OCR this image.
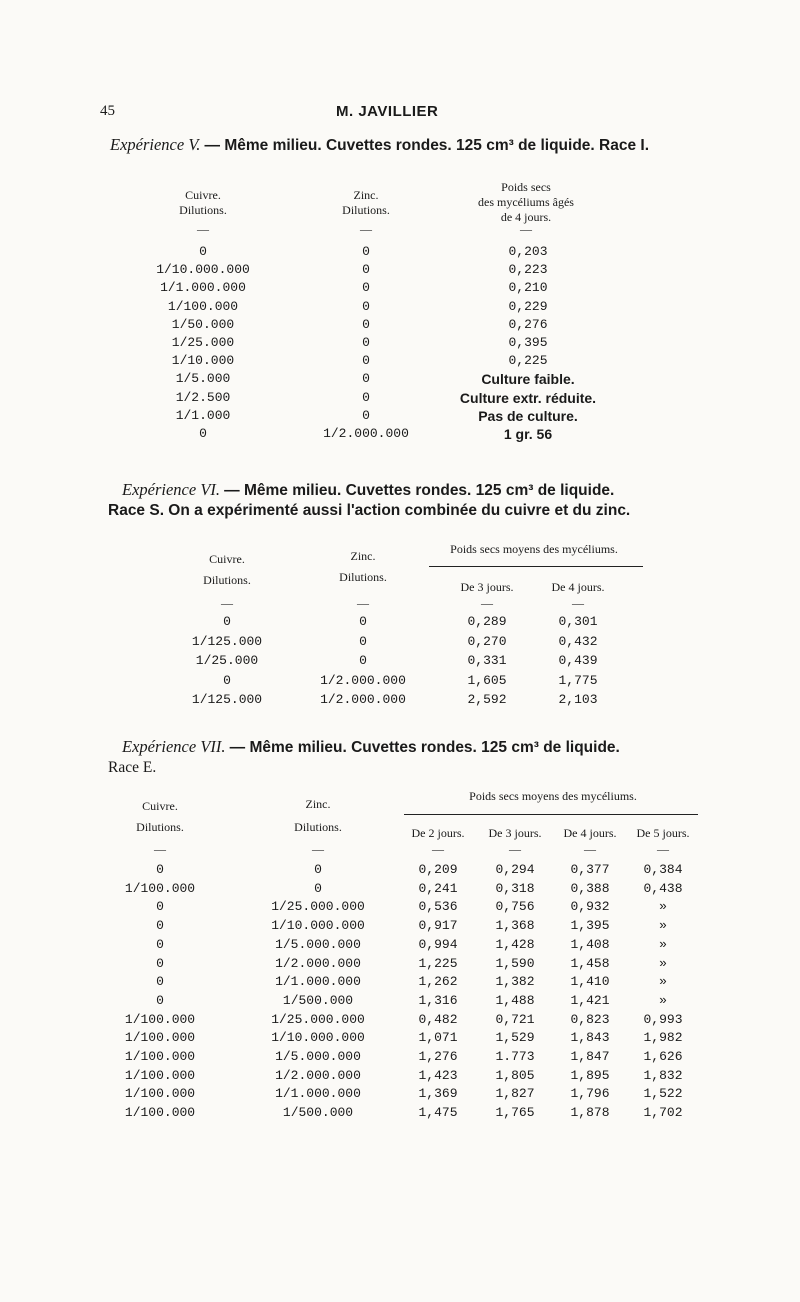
45	M. JAVILLIER
Expérience V. — Même milieu. Cuvettes rondes. 125 cm³ de liquide. Race I.
Cuivre.
Dilutions.
Zinc.
Dilutions.
Poids secs
des mycéliums âgés
de 4 jours.
—	—	—
0	0	0,203
1/10.000.000	0	0,223
1/1.000.000	0	0,210
1/100.000	0	0,229
1/50.000	0	0,276
1/25.000	0	0,395
1/10.000	0	0,225
1/5.000	0	Culture faible.
1/2.500	0	Culture extr. réduite.
1/1.000	0	Pas de culture.
0	1/2.000.000	1 gr. 56
Expérience VI. — Même milieu. Cuvettes rondes. 125 cm³ de liquide.
Race S. On a expérimenté aussi l'action combinée du cuivre et du zinc.
Cuivre.
Dilutions.
Zinc.
Dilutions.
Poids secs moyens des mycéliums.
De 3 jours.	De 4 jours.
—	—	—	—
0	0	0,289	0,301
1/125.000	0	0,270	0,432
1/25.000	0	0,331	0,439
0	1/2.000.000	1,605	1,775
1/125.000	1/2.000.000	2,592	2,103
Expérience VII. — Même milieu. Cuvettes rondes. 125 cm³ de liquide.
Race E.
Cuivre.
Dilutions.
Zinc.
Dilutions.
Poids secs moyens des mycéliums.
De 2 jours.	De 3 jours.	De 4 jours.	De 5 jours.
—	—	—	—	—	—
0	0	0,209	0,294	0,377	0,384
1/100.000	0	0,241	0,318	0,388	0,438
0	1/25.000.000	0,536	0,756	0,932	»
0	1/10.000.000	0,917	1,368	1,395	»
0	1/5.000.000	0,994	1,428	1,408	»
0	1/2.000.000	1,225	1,590	1,458	»
0	1/1.000.000	1,262	1,382	1,410	»
0	1/500.000	1,316	1,488	1,421	»
1/100.000	1/25.000.000	0,482	0,721	0,823	0,993
1/100.000	1/10.000.000	1,071	1,529	1,843	1,982
1/100.000	1/5.000.000	1,276	1.773	1,847	1,626
1/100.000	1/2.000.000	1,423	1,805	1,895	1,832
1/100.000	1/1.000.000	1,369	1,827	1,796	1,522
1/100.000	1/500.000	1,475	1,765	1,878	1,702
